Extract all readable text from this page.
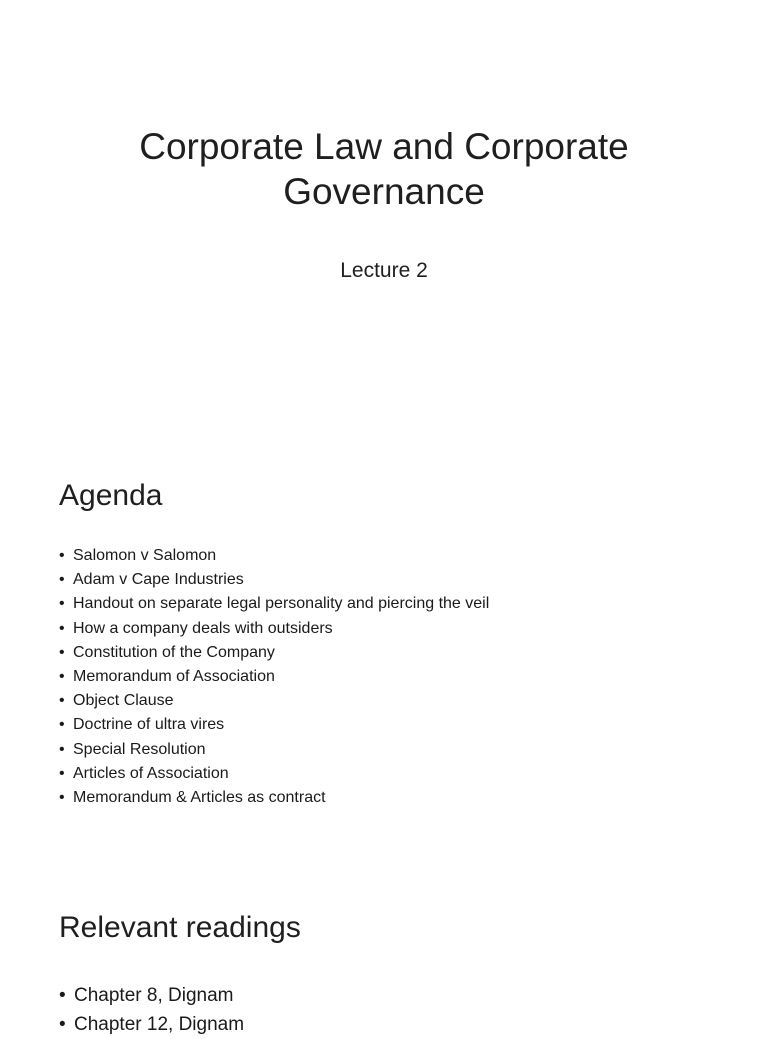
Corporate Law and Corporate
Governance
Lecture 2
Agenda
• Salomon v Salomon
• Adam v Cape Industries
• Handout on separate legal personality and piercing the veil
• How a company deals with outsiders
• Constitution of the Company
• Memorandum of Association
• Object Clause
• Doctrine of ultra vires
• Special Resolution
• Articles of Association
• Memorandum & Articles as contract
Relevant readings
• Chapter 8, Dignam
• Chapter 12, Dignam
